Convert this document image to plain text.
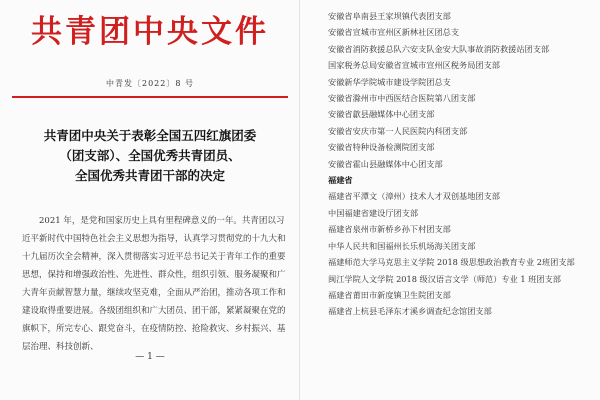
共青团中央文件
中青发〔2022〕8 号
共青团中央关于表彰全国五四红旗团委
（团支部）、全国优秀共青团员、
全国优秀共青团干部的决定

2021 年，是党和国家历史上具有里程碑意义的一年。共青团以习近平新时代中国特色社会主义思想为指导，认真学习贯彻党的十九大和十九届历次全会精神，深入贯彻落实习近平总书记关于青年工作的重要思想，保持和增强政治性、先进性、群众性，组织引领、服务凝聚和广大青年贡献智慧力量，继续攻坚克难，全面从严治团，推动各项工作和建设取得重要进展。各级团组织和广大团员、团干部，紧紧凝聚在党的旗帜下，所完专心、跟党奋斗，在疫情防控、抢险救灾、乡村振兴、基层治理、科技创新、

— 1 —
安徽省阜南县王家坝镇代表团支部
安徽省宣城市宣州区新林社区团总支
安徽省消防救援总队六安支队金安大队事故消防救援站团支部
国家税务总局安徽省宣城市宣州区税务局团支部
安徽新华学院城市建设学院团总支
安徽省滁州市中西医结合医院第八团支部
安徽省歙县融媒体中心团支部
安徽省安庆市第一人民医院内科团支部
安徽省特种设备检测院团支部
安徽省霍山县融媒体中心团支部
福建省
福建省平潭文（漳州）技术人才双创基地团支部
中国福建省建设厅团支部
福建省泉州市新桥乡孙下村团支部
中华人民共和国福州长乐机场海关团支部
福建师范大学马克思主义学院 2018 级思想政治教育专业 2班团支部
闽江学院人文学院 2018 级汉语言文学（师范）专业 1 班团支部
福建省莆田市新度镇卫生院团支部
福建省上杭县毛泽东才溪乡调查纪念馆团支部
